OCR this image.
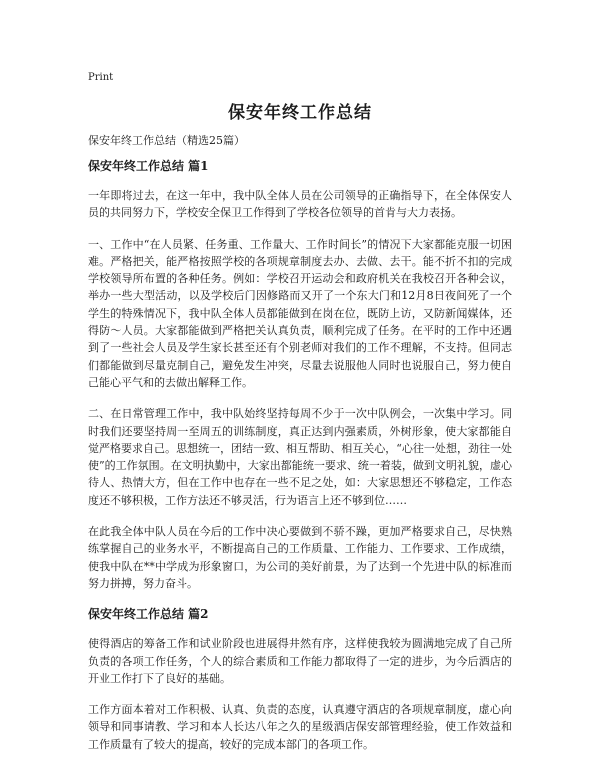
Print
保安年终工作总结

保安年终工作总结（精选25篇）

保安年终工作总结 篇1

一年即将过去，在这一年中，我中队全体人员在公司领导的正确指导下，在全体保安人员的共同努力下，学校安全保卫工作得到了学校各位领导的首肯与大力表扬。

一、工作中“在人员紧、任务重、工作量大、工作时间长”的情况下大家都能克服一切困难。严格把关，能严格按照学校的各项规章制度去办、去做、去干。能不折不扣的完成学校领导所布置的各种任务。例如：学校召开运动会和政府机关在我校召开各种会议，举办一些大型活动，以及学校后门因修路而又开了一个东大门和12月8日夜间死了一个学生的特殊情况下，我中队全体人员都能做到在岗在位，既防上访，又防新闻媒体，还得防～人员。大家都能做到严格把关认真负责，顺利完成了任务。在平时的工作中还遇到了一些社会人员及学生家长甚至还有个别老师对我们的工作不理解，不支持。但同志们都能做到尽量克制自己，避免发生冲突，尽量去说服他人同时也说服自己，努力使自己能心平气和的去做出解释工作。

二、在日常管理工作中，我中队始终坚持每周不少于一次中队例会，一次集中学习。同时我们还要坚持周一至周五的训练制度，真正达到内强素质，外树形象，使大家都能自觉严格要求自己。思想统一，团结一致、相互帮助、相互关心，“心往一处想，劲往一处使”的工作氛围。在文明执勤中，大家出都能统一要求、统一着装，做到文明礼貌，虚心待人、热情大方，但在工作中也存在一些不足之处，如：大家思想还不够稳定，工作态度还不够积极，工作方法还不够灵活，行为语言上还不够到位……

在此我全体中队人员在今后的工作中决心要做到不骄不躁，更加严格要求自己，尽快熟练掌握自己的业务水平，不断提高自己的工作质量、工作能力、工作要求、工作成绩，使我中队在**中学成为形象窗口，为公司的美好前景，为了达到一个先进中队的标准而努力拼搏，努力奋斗。

保安年终工作总结 篇2

使得酒店的筹备工作和试业阶段也进展得井然有序，这样使我较为圆满地完成了自己所负责的各项工作任务，个人的综合素质和工作能力都取得了一定的进步，为今后酒店的开业工作打下了良好的基础。

工作方面本着对工作积极、认真、负责的态度，认真遵守酒店的各项规章制度，虚心向领导和同事请教、学习和本人长达八年之久的星级酒店保安部管理经验，使工作效益和工作质量有了较大的提高，较好的完成本部门的各项工作。
